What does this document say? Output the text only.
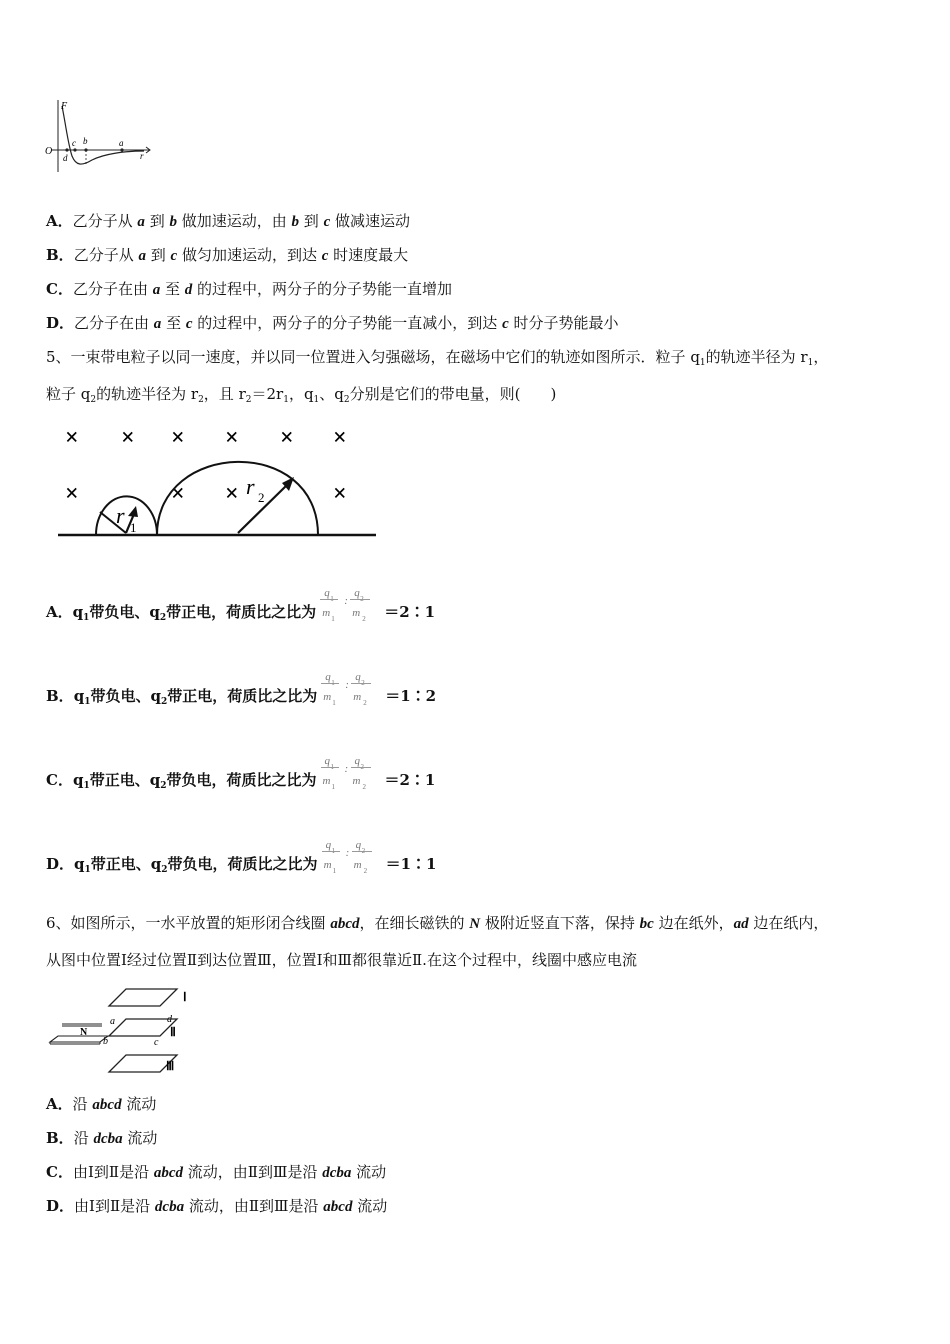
F
O
c b	a
d	r
A．乙分子从 a 到 b 做加速运动，由 b 到 c 做减速运动
B．乙分子从 a 到 c 做匀加速运动，到达 c 时速度最大
C．乙分子在由 a 至 d 的过程中，两分子的分子势能一直增加
D．乙分子在由 a 至 c 的过程中，两分子的分子势能一直减小，到达 c 时分子势能最小
5、一束带电粒子以同一速度，并以同一位置进入匀强磁场，在磁场中它们的轨迹如图所示．粒子 $q_1$的轨迹半径为 $r_1$，
粒子 $q_2$的轨迹半径为 $r_2$，且 $r_2=2r_1$，$q_1$、$q_2$分别是它们的带电量，则(　　)
× × × × × ×
×	× ×	×
r 1
r 2
A．$q_1$带负电、$q_2$带正电，荷质比之比为
q
m 1
:
q
m 2 ＝2∶1
B．$q_1$带负电、$q_2$带正电，荷质比之比为
q
m 1
:
q
m 2 ＝1∶2
C．$q_1$带正电、$q_2$带负电，荷质比之比为
q
m 1
:
q
m 2 ＝2∶1
D．$q_1$带正电、$q_2$带负电，荷质比之比为
q
m 1
:
q
m 2 ＝1∶1
6、如图所示，一水平放置的矩形闭合线圈 abcd，在细长磁铁的 N 极附近竖直下落，保持 bc 边在纸外，ad 边在纸内，
从图中位置Ⅰ经过位置Ⅱ到达位置Ⅲ，位置Ⅰ和Ⅲ都很靠近Ⅱ.在这个过程中，线圈中感应电流
N
Ⅰ
Ⅱ
Ⅲ
a
b	c
d
A．沿 abcd 流动
B．沿 dcba 流动
C．由Ⅰ到Ⅱ是沿 abcd 流动，由Ⅱ到Ⅲ是沿 dcba 流动
D．由Ⅰ到Ⅱ是沿 dcba 流动，由Ⅱ到Ⅲ是沿 abcd 流动
